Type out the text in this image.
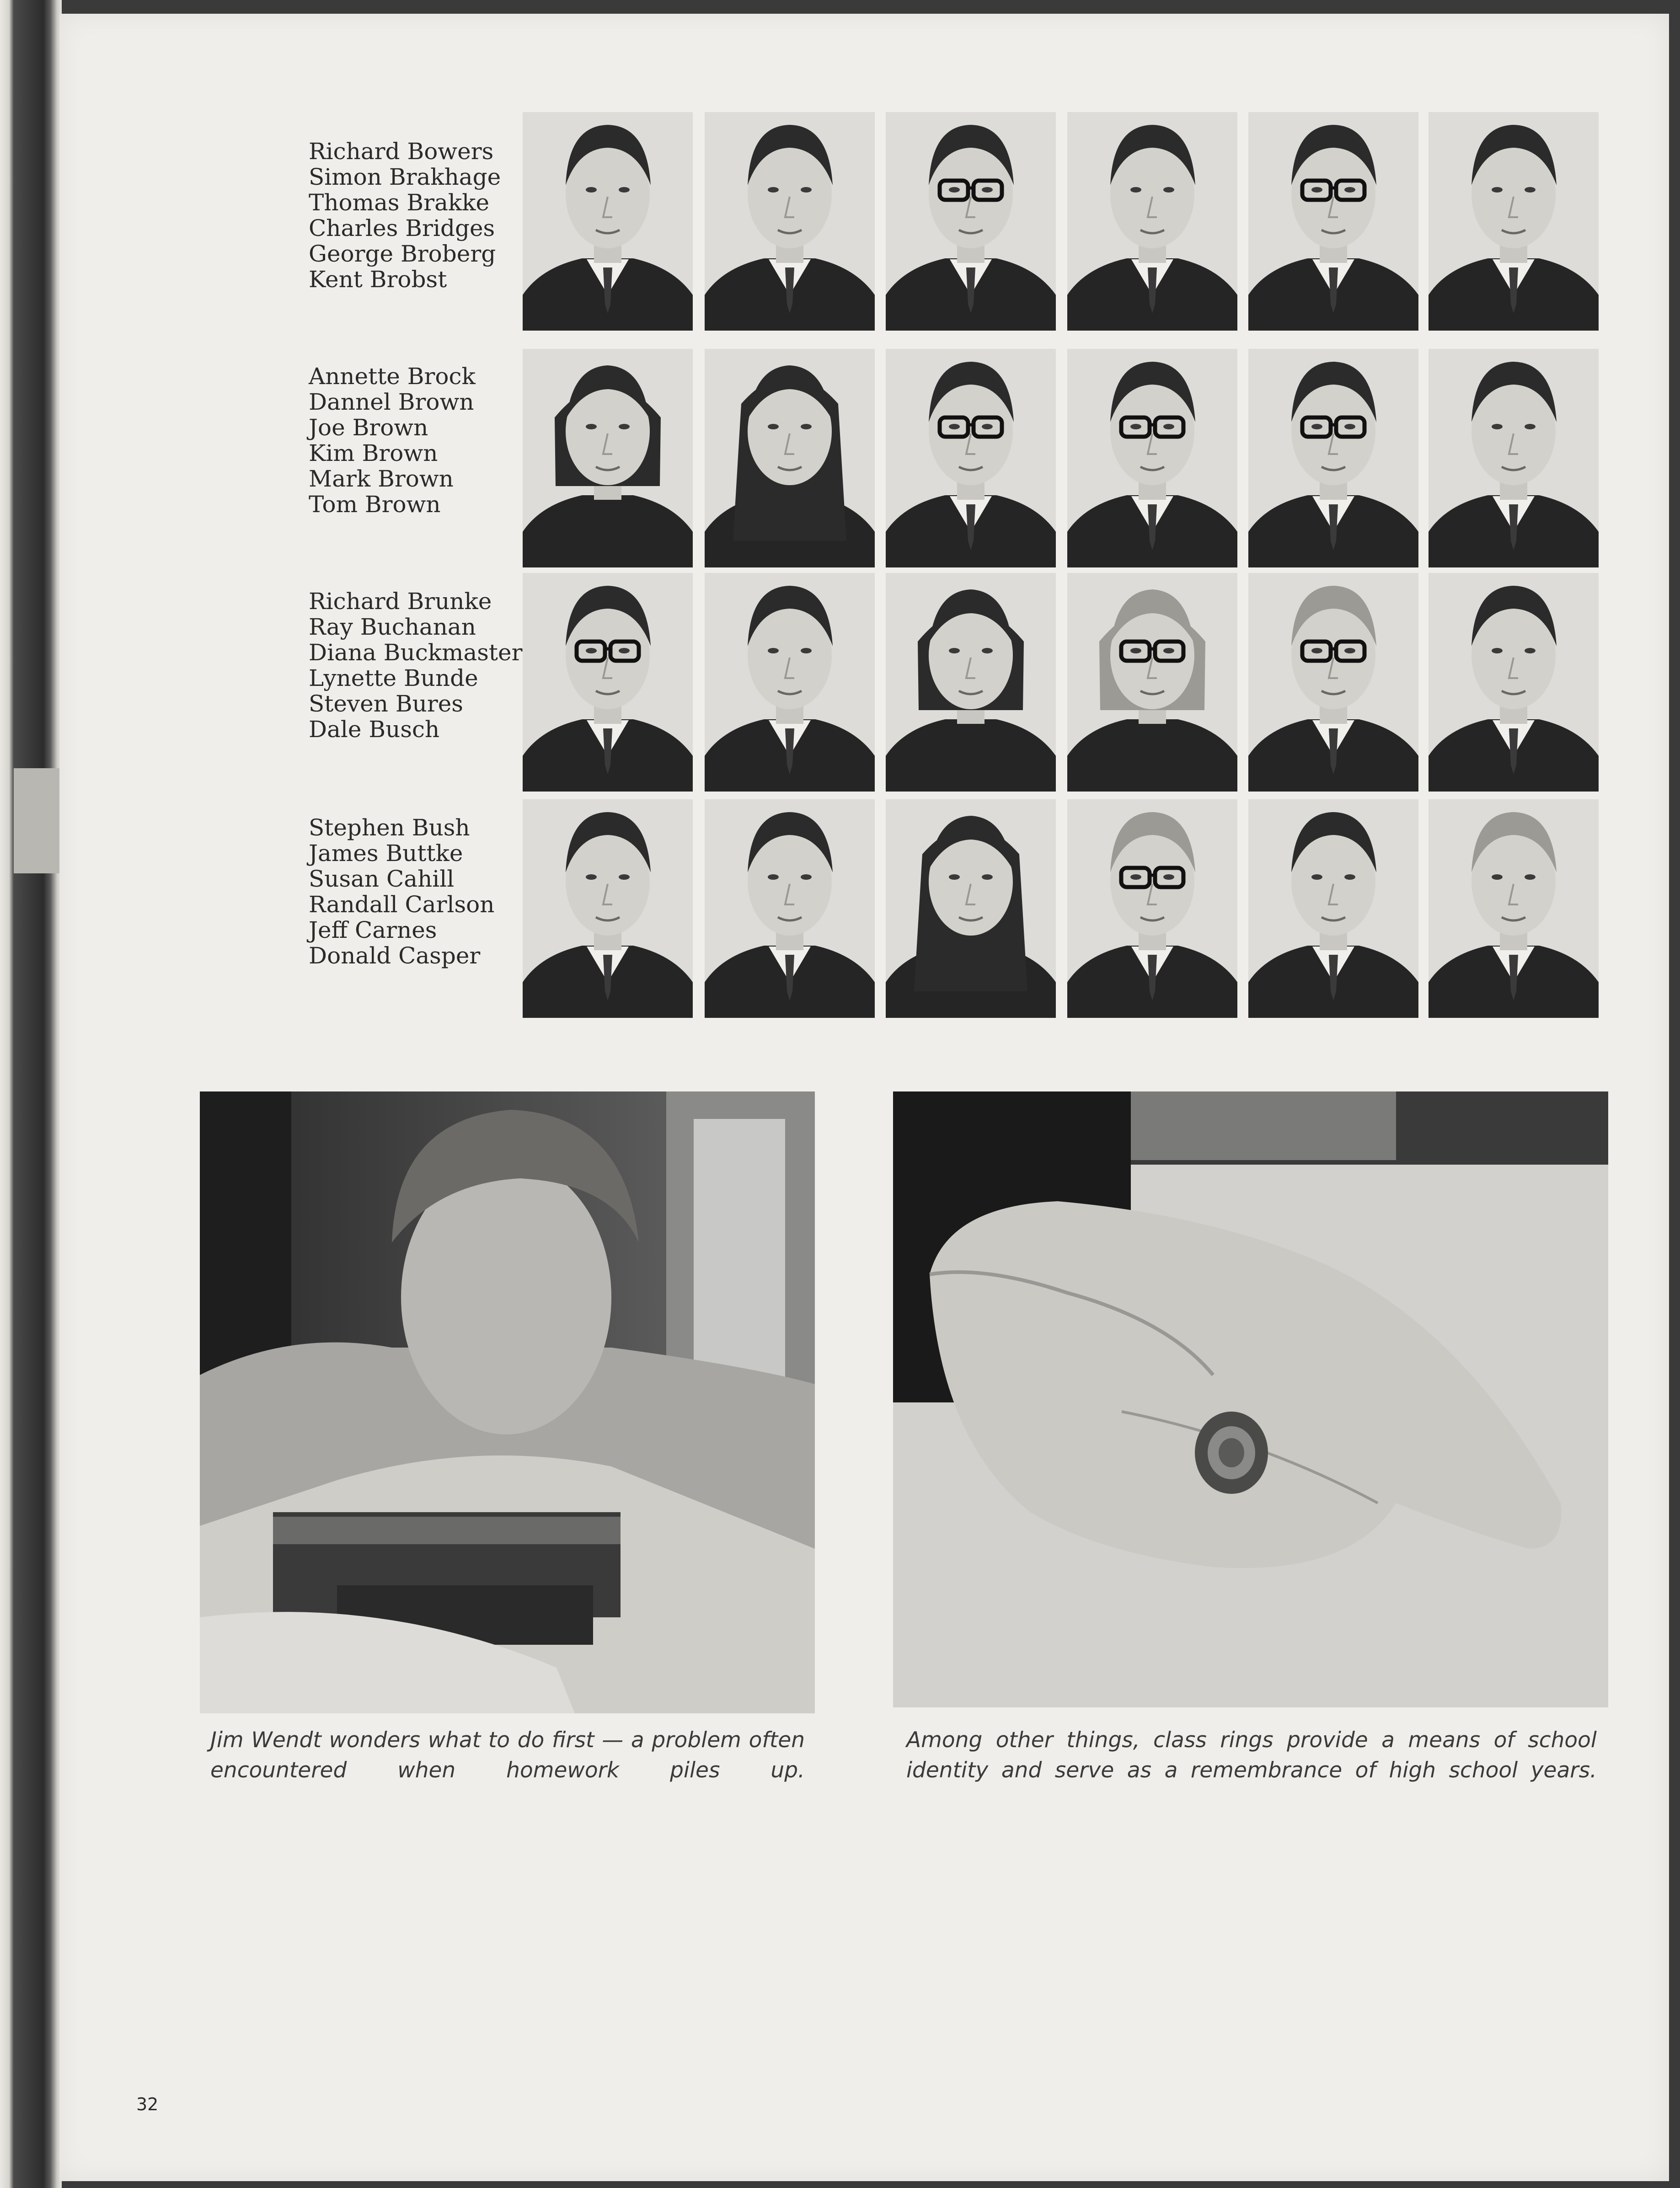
Richard Bowers
Simon Brakhage
Thomas Brakke
Charles Bridges
George Broberg
Kent Brobst
Annette Brock
Dannel Brown
Joe Brown
Kim Brown
Mark Brown
Tom Brown
Richard Brunke
Ray Buchanan
Diana Buckmaster
Lynette Bunde
Steven Bures
Dale Busch
Stephen Bush
James Buttke
Susan Cahill
Randall Carlson
Jeff Carnes
Donald Casper
Jim Wendt wonders what to do first — a problem often encountered when homework piles up.
Among other things, class rings provide a means of school identity and serve as a remembrance of high school years.
32
